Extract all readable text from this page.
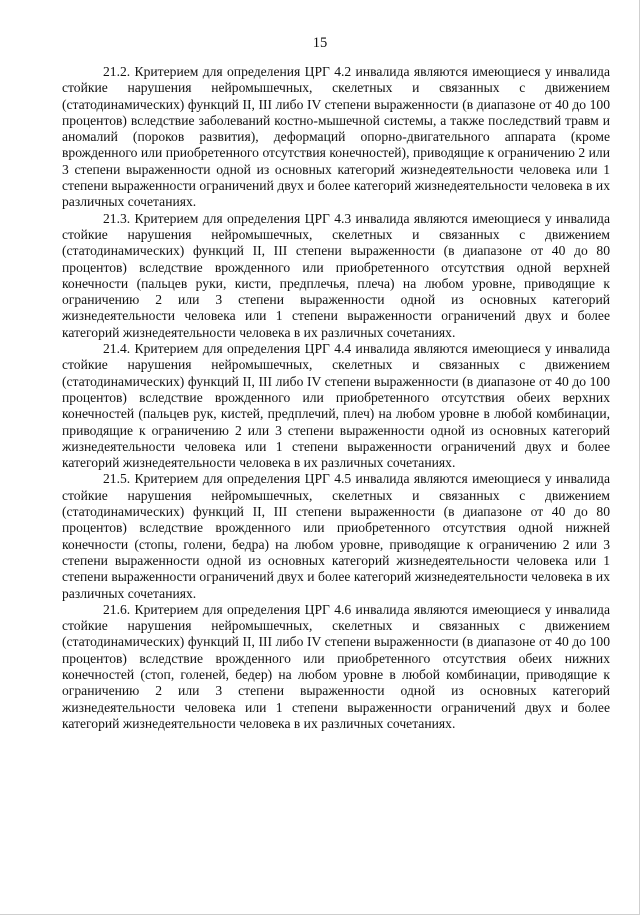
15

21.2. Критерием для определения ЦРГ 4.2 инвалида являются имеющиеся у инвалида стойкие нарушения нейромышечных, скелетных и связанных с движением (статодинамических) функций II, III либо IV степени выраженности (в диапазоне от 40 до 100 процентов) вследствие заболеваний костно-мышечной системы, а также последствий травм и аномалий (пороков развития), деформаций опорно-двигательного аппарата (кроме врожденного или приобретенного отсутствия конечностей), приводящие к ограничению 2 или 3 степени выраженности одной из основных категорий жизнедеятельности человека или 1 степени выраженности ограничений двух и более категорий жизнедеятельности человека в их различных сочетаниях.

21.3. Критерием для определения ЦРГ 4.3 инвалида являются имеющиеся у инвалида стойкие нарушения нейромышечных, скелетных и связанных с движением (статодинамических) функций II, III степени выраженности (в диапазоне от 40 до 80 процентов) вследствие врожденного или приобретенного отсутствия одной верхней конечности (пальцев руки, кисти, предплечья, плеча) на любом уровне, приводящие к ограничению 2 или 3 степени выраженности одной из основных категорий жизнедеятельности человека или 1 степени выраженности ограничений двух и более категорий жизнедеятельности человека в их различных сочетаниях.

21.4. Критерием для определения ЦРГ 4.4 инвалида являются имеющиеся у инвалида стойкие нарушения нейромышечных, скелетных и связанных с движением (статодинамических) функций II, III либо IV степени выраженности (в диапазоне от 40 до 100 процентов) вследствие врожденного или приобретенного отсутствия обеих верхних конечностей (пальцев рук, кистей, предплечий, плеч) на любом уровне в любой комбинации, приводящие к ограничению 2 или 3 степени выраженности одной из основных категорий жизнедеятельности человека или 1 степени выраженности ограничений двух и более категорий жизнедеятельности человека в их различных сочетаниях.

21.5. Критерием для определения ЦРГ 4.5 инвалида являются имеющиеся у инвалида стойкие нарушения нейромышечных, скелетных и связанных с движением (статодинамических) функций II, III степени выраженности (в диапазоне от 40 до 80 процентов) вследствие врожденного или приобретенного отсутствия одной нижней конечности (стопы, голени, бедра) на любом уровне, приводящие к ограничению 2 или 3 степени выраженности одной из основных категорий жизнедеятельности человека или 1 степени выраженности ограничений двух и более категорий жизнедеятельности человека в их различных сочетаниях.

21.6. Критерием для определения ЦРГ 4.6 инвалида являются имеющиеся у инвалида стойкие нарушения нейромышечных, скелетных и связанных с движением (статодинамических) функций II, III либо IV степени выраженности (в диапазоне от 40 до 100 процентов) вследствие врожденного или приобретенного отсутствия обеих нижних конечностей (стоп, голеней, бедер) на любом уровне в любой комбинации, приводящие к ограничению 2 или 3 степени выраженности одной из основных категорий жизнедеятельности человека или 1 степени выраженности ограничений двух и более категорий жизнедеятельности человека в их различных сочетаниях.
